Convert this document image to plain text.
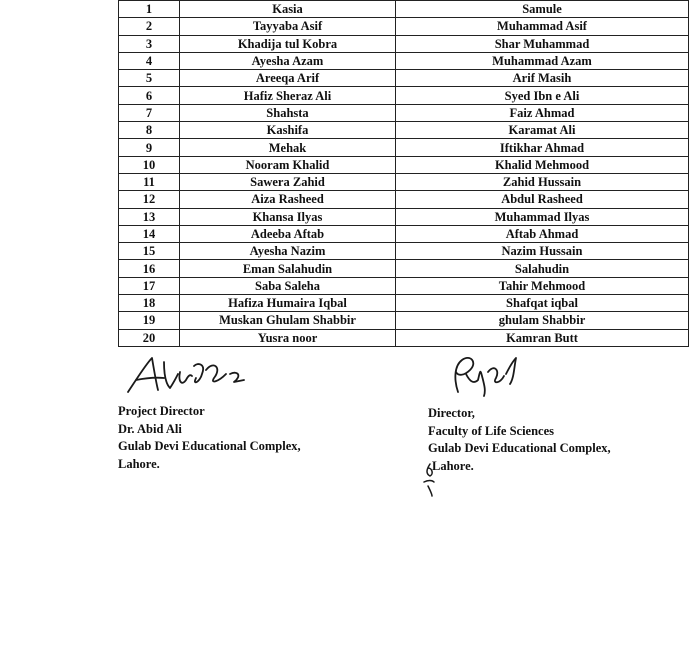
1	Kasia	Samule
2	Tayyaba Asif	Muhammad Asif
3	Khadija tul Kobra	Shar Muhammad
4	Ayesha Azam	Muhammad Azam
5	Areeqa Arif	Arif Masih
6	Hafiz Sheraz Ali	Syed Ibn e Ali
7	Shahsta	Faiz Ahmad
8	Kashifa	Karamat Ali
9	Mehak	Iftikhar Ahmad
10	Nooram Khalid	Khalid Mehmood
11	Sawera Zahid	Zahid Hussain
12	Aiza Rasheed	Abdul Rasheed
13	Khansa Ilyas	Muhammad Ilyas
14	Adeeba Aftab	Aftab Ahmad
15	Ayesha Nazim	Nazim Hussain
16	Eman Salahudin	Salahudin
17	Saba Saleha	Tahir Mehmood
18	Hafiza Humaira Iqbal	Shafqat iqbal
19	Muskan Ghulam Shabbir	ghulam Shabbir
20	Yusra noor	Kamran Butt
Project Director
Dr. Abid Ali
Gulab Devi Educational Complex,
Lahore.
Director,
Faculty of Life Sciences
Gulab Devi Educational Complex,
Lahore.
